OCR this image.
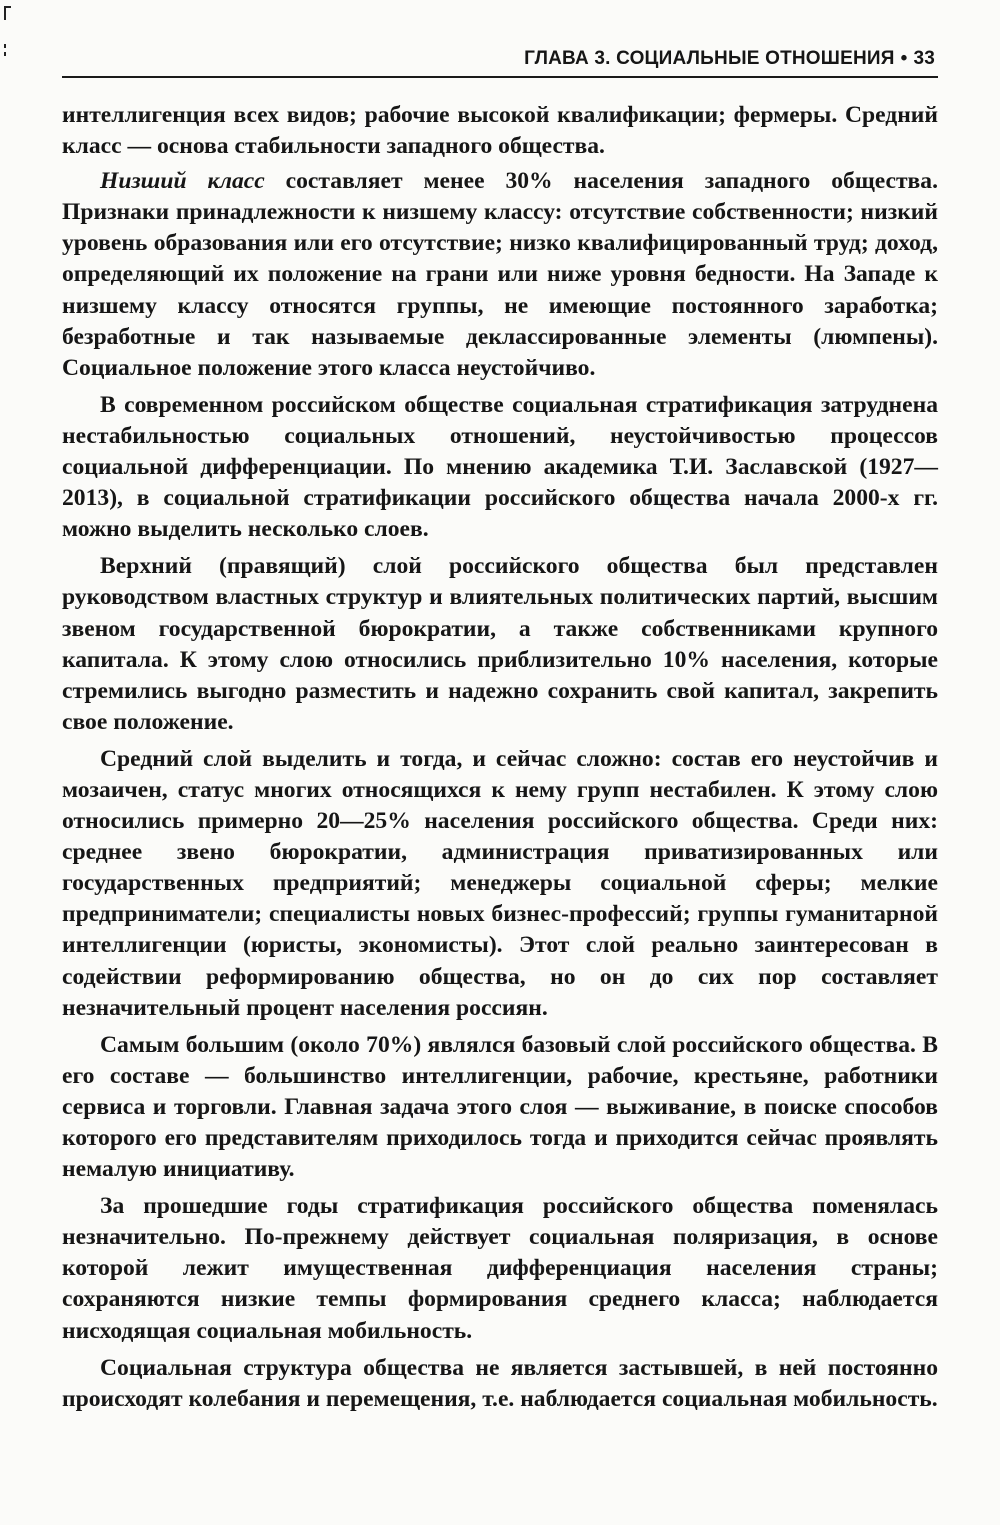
ГЛАВА 3. СОЦИАЛЬНЫЕ ОТНОШЕНИЯ • 33

интеллигенция всех видов; рабочие высокой квалификации; фермеры. Средний класс — основа стабильности западного общества.

Низший класс составляет менее 30% населения западного общества. Признаки принадлежности к низшему классу: отсутствие собственности; низкий уровень образования или его отсутствие; низко квалифицированный труд; доход, определяющий их положение на грани или ниже уровня бедности. На Западе к низшему классу относятся группы, не имеющие постоянного заработка; безработные и так называемые деклассированные элементы (люмпены). Социальное положение этого класса неустойчиво.

В современном российском обществе социальная стратификация затруднена нестабильностью социальных отношений, неустойчивостью процессов социальной дифференциации. По мнению академика Т.И. Заславской (1927—2013), в социальной стратификации российского общества начала 2000-х гг. можно выделить несколько слоев.

Верхний (правящий) слой российского общества был представлен руководством властных структур и влиятельных политических партий, высшим звеном государственной бюрократии, а также собственниками крупного капитала. К этому слою относились приблизительно 10% населения, которые стремились выгодно разместить и надежно сохранить свой капитал, закрепить свое положение.

Средний слой выделить и тогда, и сейчас сложно: состав его неустойчив и мозаичен, статус многих относящихся к нему групп нестабилен. К этому слою относились примерно 20—25% населения российского общества. Среди них: среднее звено бюрократии, администрация приватизированных или государственных предприятий; менеджеры социальной сферы; мелкие предприниматели; специалисты новых бизнес-профессий; группы гуманитарной интеллигенции (юристы, экономисты). Этот слой реально заинтересован в содействии реформированию общества, но он до сих пор составляет незначительный процент населения россиян.

Самым большим (около 70%) являлся базовый слой российского общества. В его составе — большинство интеллигенции, рабочие, крестьяне, работники сервиса и торговли. Главная задача этого слоя — выживание, в поиске способов которого его представителям приходилось тогда и приходится сейчас проявлять немалую инициативу.

За прошедшие годы стратификация российского общества поменялась незначительно. По-прежнему действует социальная поляризация, в основе которой лежит имущественная дифференциация населения страны; сохраняются низкие темпы формирования среднего класса; наблюдается нисходящая социальная мобильность.

Социальная структура общества не является застывшей, в ней постоянно происходят колебания и перемещения, т.е. наблюдается социальная мобильность.
